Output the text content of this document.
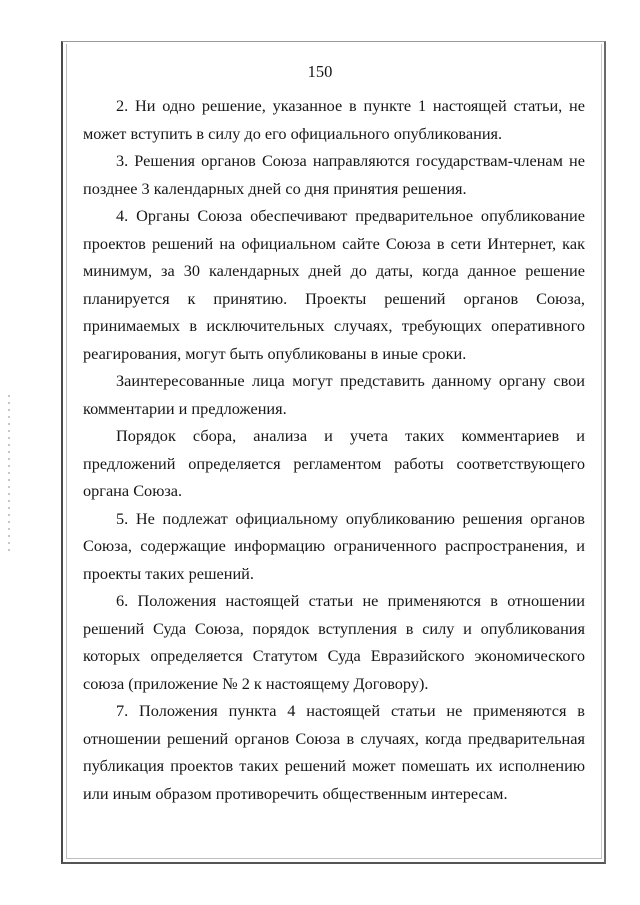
150

2. Ни одно решение, указанное в пункте 1 настоящей статьи, не может вступить в силу до его официального опубликования.

3. Решения органов Союза направляются государствам-членам не позднее 3 календарных дней со дня принятия решения.

4. Органы Союза обеспечивают предварительное опубликование проектов решений на официальном сайте Союза в сети Интернет, как минимум, за 30 календарных дней до даты, когда данное решение планируется к принятию. Проекты решений органов Союза, принимаемых в исключительных случаях, требующих оперативного реагирования, могут быть опубликованы в иные сроки.

Заинтересованные лица могут представить данному органу свои комментарии и предложения.

Порядок сбора, анализа и учета таких комментариев и предложений определяется регламентом работы соответствующего органа Союза.

5. Не подлежат официальному опубликованию решения органов Союза, содержащие информацию ограниченного распространения, и проекты таких решений.

6. Положения настоящей статьи не применяются в отношении решений Суда Союза, порядок вступления в силу и опубликования которых определяется Статутом Суда Евразийского экономического союза (приложение № 2 к настоящему Договору).

7. Положения пункта 4 настоящей статьи не применяются в отношении решений органов Союза в случаях, когда предварительная публикация проектов таких решений может помешать их исполнению или иным образом противоречить общественным интересам.
